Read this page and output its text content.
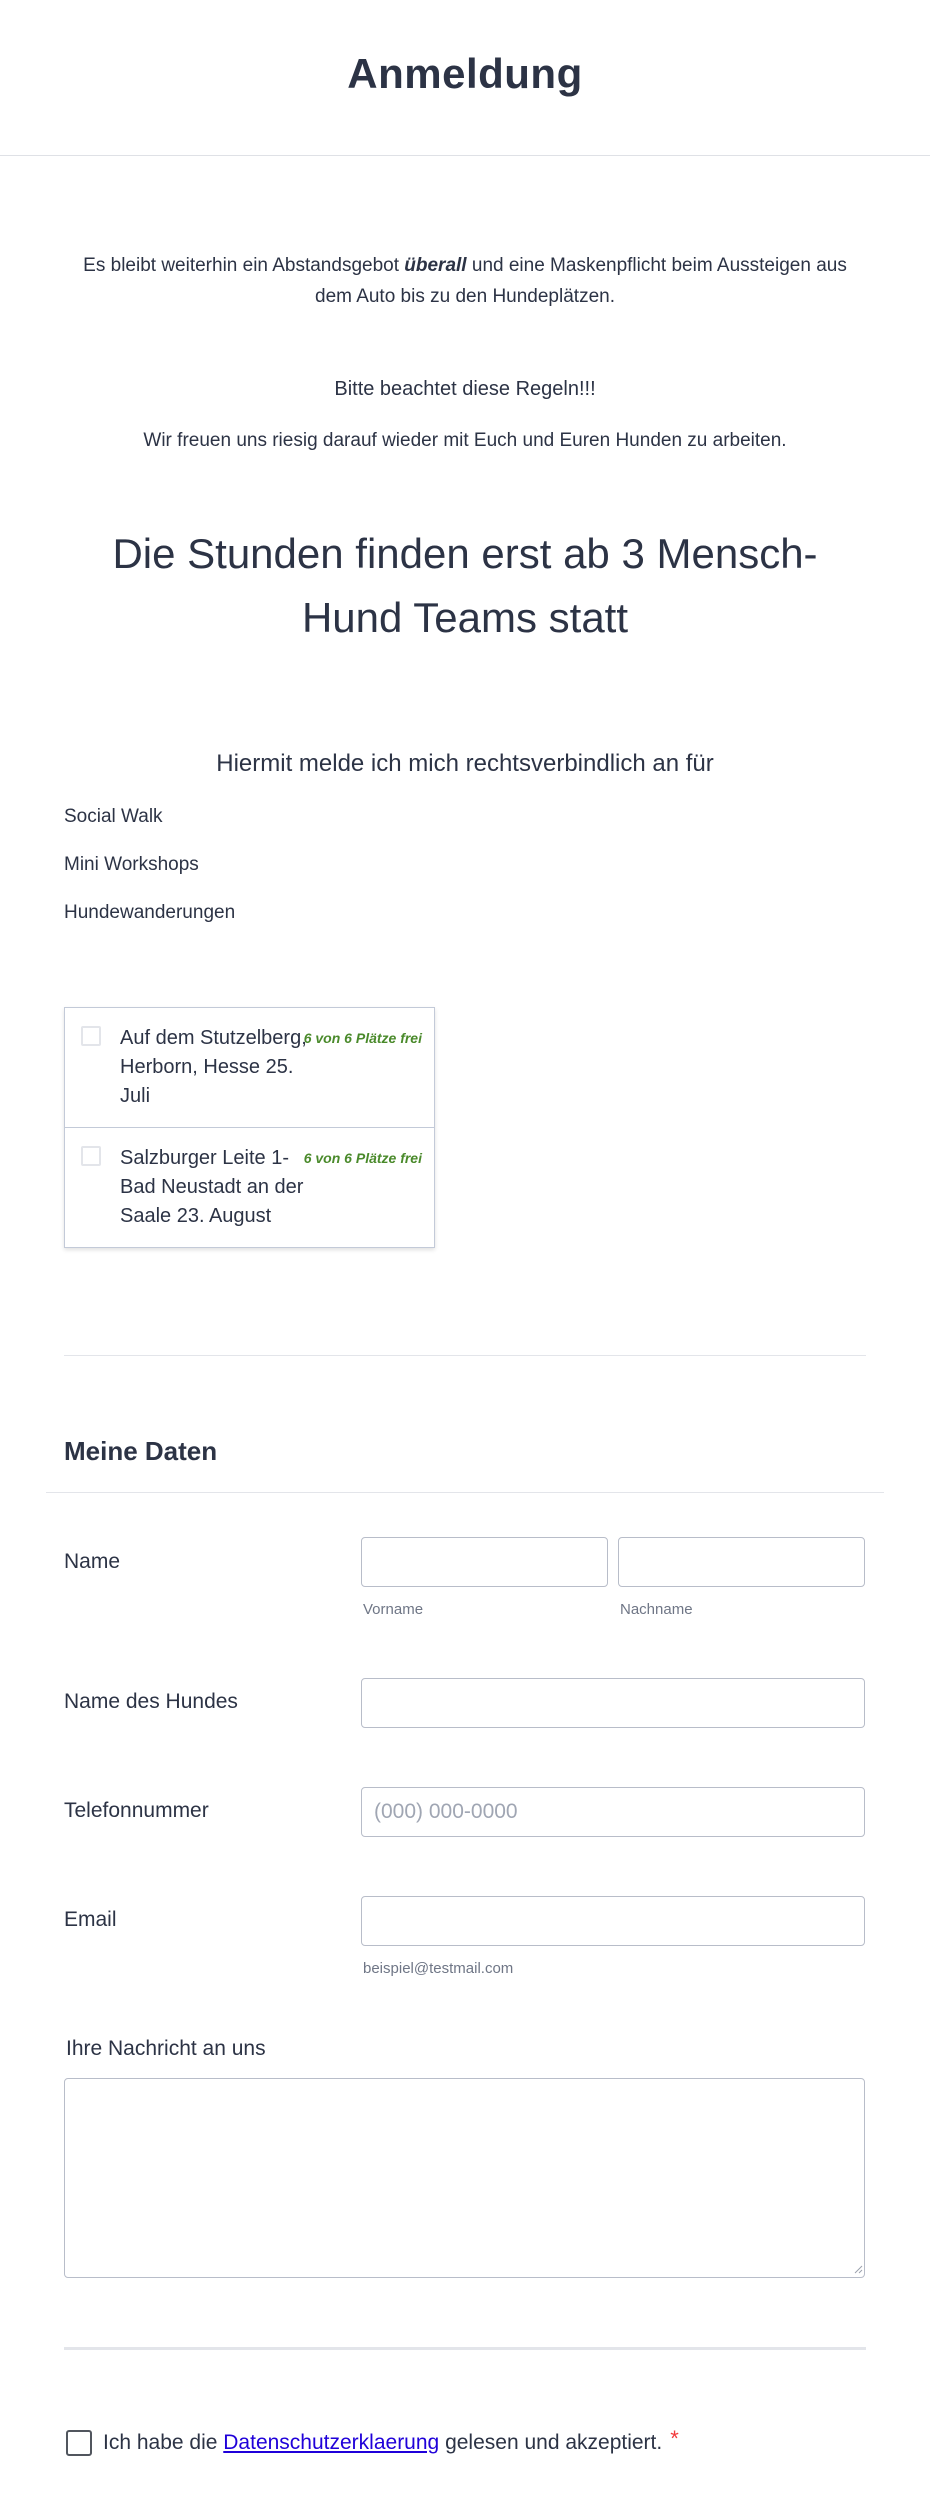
Anmeldung

Es bleibt weiterhin ein Abstandsgebot überall und eine Maskenpflicht beim Aussteigen aus dem Auto bis zu den Hundeplätzen.

Bitte beachtet diese Regeln!!!

Wir freuen uns riesig darauf wieder mit Euch und Euren Hunden zu arbeiten.

Die Stunden finden erst ab 3 Mensch-Hund Teams statt

Hiermit melde ich mich rechtsverbindlich an für

Social Walk

Mini Workshops

Hundewanderungen

Auf dem Stutzelberg, Herborn, Hesse 25. Juli
6 von 6 Plätze frei
Salzburger Leite 1-Bad Neustadt an der Saale 23. August
6 von 6 Plätze frei
Meine Daten
Name
Vorname	Nachname
Name des Hundes
Telefonnummer
(000) 000-0000
Email
beispiel@testmail.com
Ihre Nachricht an uns
Ich habe die Datenschutzerklaerung gelesen und akzeptiert. *
